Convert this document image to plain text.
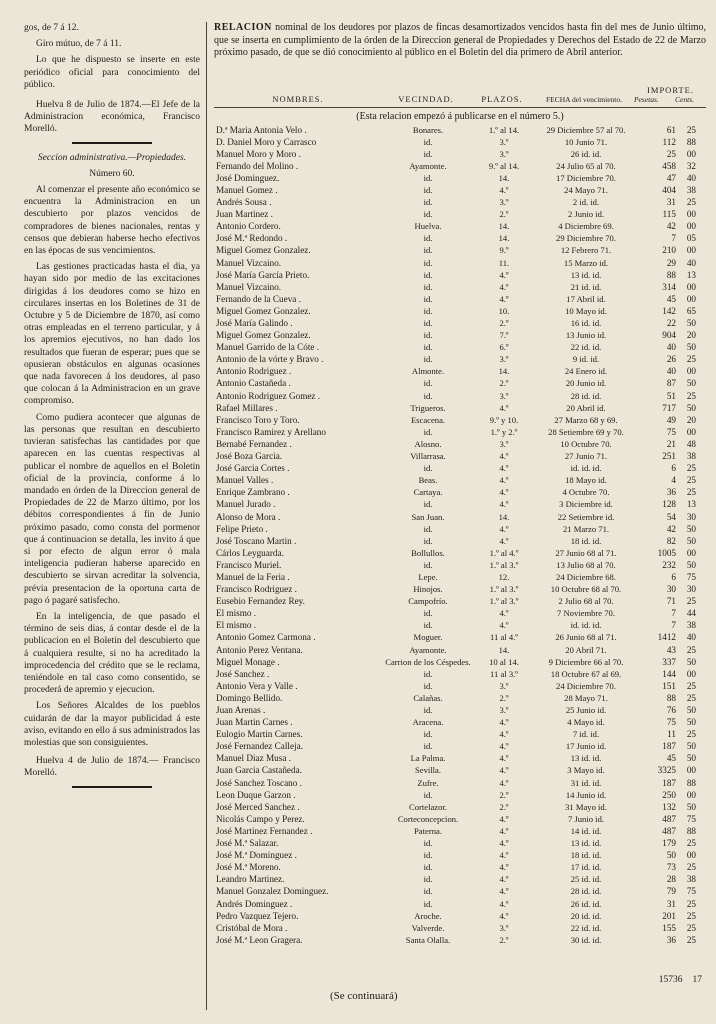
gos, de 7 á 12.

Giro mútuo, de 7 á 11.

Lo que he dispuesto se inserte en este periódico oficial para conocimiento del público.

Huelva 8 de Julio de 1874.—El Jefe de la Administracion económica, Francisco Morelló.

Seccion administrativa.—Propiedades.

Número 60.

Al comenzar el presente año económico se encuentra la Administracion en un descubierto por plazos vencidos de compradores de bienes nacionales, rentas y censos que debieran haberse hecho efectivos en las épocas de sus vencimientos.

Las gestiones practicadas hasta el dia, ya hayan sido por medio de las excitaciones dirigidas á los deudores como se hizo en circulares insertas en los Boletines de 31 de Octubre y 5 de Diciembre de 1870, así como otras empleadas en el terreno particular, y á los apremios ejecutivos, no han dado los resultados que fueran de esperar; pues que se opusieran obstáculos en algunas ocasiones que nada favorecen á los deudores, al paso que colocan á la Administracion en un grave compromiso.

Como pudiera acontecer que algunas de las personas que resultan en descubierto tuvieran satisfechas las cantidades por que aparecen en las cuentas respectivas al publicar el nombre de aquellos en el Boletin oficial de la provincia, conforme á lo mandado en órden de la Direccion general de Propiedades de 22 de Marzo último, por los débitos correspondientes á fin de Junio próximo pasado, como consta del pormenor que á continuacion se detalla, les invito á que si por efecto de algun error ó mala inteligencia pudieran haberse aparecido en descubierto se sirvan acreditar la solvencia, prévia presentacion de la oportuna carta de pago ó pagaré satisfecho.

En la inteligencia, de que pasado el término de seis dias, á contar desde el de la publicacion en el Boletin del descubierto que á cualquiera resulte, si no ha acreditado la improcedencia del crédito que se le reclama, teniéndole en tal caso como consentido, se procederá de apremio y ejecucion.

Los Señores Alcaldes de los pueblos cuidarán de dar la mayor publicidad á este aviso, evitando en ello á sus administrados las molestias que son consiguientes.

Huelva 4 de Julio de 1874.— Francisco Morelló.

RELACION nominal de los deudores por plazos de fincas desamortizados vencidos hasta fin del mes de Junio último, que se inserta en cumplimiento de la órden de la Direccion general de Propiedades y Derechos del Estado de 22 de Marzo próximo pasado, de que se dió conocimiento al público en el Boletin del dia primero de Abril anterior.

NOMBRES.	VECINDAD.	PLAZOS.	FECHA del vencimiento.
IMPORTE.
Pesetas. Cents.
(Esta relacion empezó á publicarse en el número 5.)
D.ª Maria Antonia Velo .	Bonares.	1.º al 14.	29 Diciembre 57 al 70.	61	25
D. Daniel Moro y Carrasco	id.	3.º	10 Junio 71.	112	88
Manuel Moro y Moro .	id.	3.º	26 id. id.	25	00
Fernando del Molino .	Ayamonte.	9.º al 14.	24 Julio 65 al 70.	458	32
José Dominguez.	id.	14.	17 Diciembre 70.	47	40
Manuel Gomez .	id.	4.º	24 Mayo 71.	404	38
Andrés Sousa .	id.	3.º	2 id. id.	31	25
Juan Martinez .	id.	2.º	2 Junio id.	115	00
Antonio Cordero.	Huelva.	14.	4 Diciembre 69.	42	00
José M.ª Redondo .	id.	14.	29 Diciembre 70.	7	05
Miguel Gomez Gonzalez.	id.	9.º	12 Febrero 71.	210	00
Manuel Vizcaino.	id.	11.	15 Marzo id.	29	40
José María García Prieto.	id.	4.º	13 id. id.	88	13
Manuel Vizcaino.	id.	4.º	21 id. id.	314	00
Fernando de la Cueva .	id.	4.º	17 Abril id.	45	00
Miguel Gomez Gonzalez.	id.	10.	10 Mayo id.	142	65
José María Galindo .	id.	2.º	16 id. id.	22	50
Miguel Gomez Gonzalez.	id.	7.º	13 Junio id.	904	20
Manuel Garrido de la Cóte .	id.	6.º	22 id. id.	40	50
Antonio de la vórte y Bravo .	id.	3.º	9 id. id.	26	25
Antonio Rodriguez .	Almonte.	14.	24 Enero id.	40	00
Antonio Castañeda .	id.	2.º	20 Junio id.	87	50
Antonio Rodriguez Gomez .	id.	3.º	28 id. id.	51	25
Rafael Millares .	Trigueros.	4.º	20 Abril id.	717	50
Francisco Toro y Toro.	Escacena.	9.º y 10.	27 Marzo 68 y 69.	49	20
Francisco Ramirez y Arellano	id.	1.º y 2.º	28 Setiembre 69 y 70.	75	00
Bernabé Fernandez .	Alosno.	3.º	10 Octubre 70.	21	48
José Boza Garcia.	Villarrasa.	4.º	27 Junio 71.	251	38
José Garcia Cortes .	id.	4.º	id. id. id.	6	25
Manuel Valles .	Beas.	4.º	18 Mayo id.	4	25
Enrique Zambrano .	Cartaya.	4.º	4 Octubre 70.	36	25
Manuel Jurado .	id.	4.º	3 Diciembre id.	128	13
Alonso de Mora .	San Juan.	14.	22 Setiembre id.	54	30
Felipe Prieto .	id.	4.º	21 Marzo 71.	42	50
José Toscano Martin .	id.	4.º	18 id. id.	82	50
Cárlos Leyguarda.	Bollullos.	1.º al 4.º	27 Junio 68 al 71.	1005	00
Francisco Muriel.	id.	1.º al 3.º	13 Julio 68 al 70.	232	50
Manuel de la Feria .	Lepe.	12.	24 Diciembre 68.	6	75
Francisco Rodriguez .	Hinojos.	1.º al 3.º	10 Octubre 68 al 70.	30	30
Eusebio Fernandez Rey.	Campofrío.	1.º al 3.º	2 Julio 68 al 70.	71	25
El mismo .	id.	4.º	7 Noviembre 70.	7	44
El mismo .	id.	4.º	id. id. id.	7	38
Antonio Gomez Carmona .	Moguer.	11 al 4.º	26 Junio 68 al 71.	1412	40
Antonio Perez Ventana.	Ayamonte.	14.	20 Abril 71.	43	25
Miguel Monage .	Carrion de los Céspedes.	10 al 14.	9 Diciembre 66 al 70.	337	50
José Sanchez .	id.	11 al 3.º	18 Octubre 67 al 69.	144	00
Antonio Vera y Valle .	id.	3.º	24 Diciembre 70.	151	25
Domingo Bellido.	Calañas.	2.º	28 Mayo 71.	88	25
Juan Arenas .	id.	3.º	25 Junio id.	76	50
Juan Martin Carnes .	Aracena.	4.º	4 Mayo id.	75	50
Eulogio Martin Carnes.	id.	4.º	7 id. id.	11	25
José Fernandez Calleja.	id.	4.º	17 Junio id.	187	50
Manuel Diaz Musa .	La Palma.	4.º	13 id. id.	45	50
Juan Garcia Castañeda.	Sevilla.	4.º	3 Mayo id.	3325	00
José Sanchez Toscano .	Zufre.	4.º	31 id. id.	187	88
Leon Duque Garzon .	id.	2.º	14 Junio id.	250	00
José Merced Sanchez .	Cortelazor.	2.º	31 Mayo id.	132	50
Nicolás Campo y Perez.	Corteconcepcion.	4.º	7 Junio id.	487	75
José Martinez Fernandez .	Paterna.	4.º	14 id. id.	487	88
José M.ª Salazar.	id.	4.º	13 id. id.	179	25
José M.ª Dominguez .	id.	4.º	18 id. id.	50	00
José M.ª Moreno.	id.	4.º	17 id. id.	73	25
Leandro Martinez.	id.	4.º	25 id. id.	28	38
Manuel Gonzalez Dominguez.	id.	4.º	28 id. id.	79	75
Andrés Dominguez .	id.	4.º	26 id. id.	31	25
Pedro Vazquez Tejero.	Aroche.	4.º	20 id. id.	201	25
Cristóbal de Mora .	Valverde.	3.º	22 id. id.	155	25
José M.ª Leon Gragera.	Santa Olalla.	2.º	30 id. id.	36	25
15736 17
(Se continuará)
